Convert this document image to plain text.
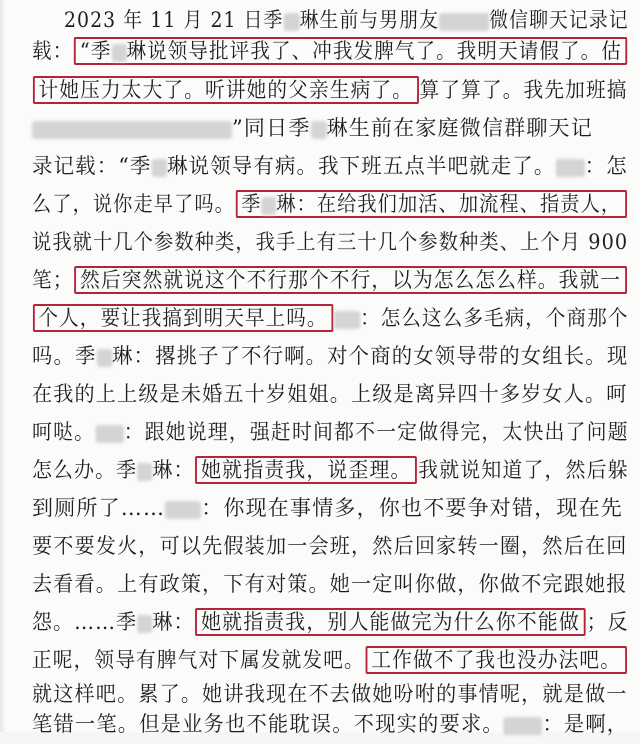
2023 年 11 月 21 日季 琳生前与男朋友 微信聊天记录记
载： “季 琳说领导批评我了、冲我发脾气了。我明天请假了。估
计她压力太大了。听讲她的父亲生病了。 算了算了。我先加班搞
”同日季 琳生前在家庭微信群聊天记
录记载：“季 琳说领导有病。我下班五点半吧就走了。 ：怎
么了，说你走早了吗。 季 琳：在给我们加活、加流程、指责人，
说我就十几个参数种类，我手上有三十几个参数种类、上个月 900
笔； 然后突然就说这个不行那个不行，以为怎么怎么样。我就一
个人，要让我搞到明天早上吗。 ：怎么这么多毛病，个商那个
吗。季 琳：撂挑子了不行啊。对个商的女领导带的女组长。现
在我的上上级是未婚五十岁姐姐。上级是离异四十多岁女人。呵
呵哒。 ：跟她说理，强赶时间都不一定做得完，太快出了问题
怎么办。季 琳： 她就指责我，说歪理。 我就说知道了，然后躲
到厕所了…… ：你现在事情多，你也不要争对错，现在先
要不要发火，可以先假装加一会班，然后回家转一圈，然后在回
去看看。上有政策，下有对策。她一定叫你做，你做不完跟她报
怨。……季 琳： 她就指责我，别人能做完为什么你不能做 ；反
正呢，领导有脾气对下属发就发吧。 工作做不了我也没办法吧。
就这样吧。累了。她讲我现在不去做她吩咐的事情呢，就是做一
笔错一笔。但是业务也不能耽误。不现实的要求。 ：是啊，
